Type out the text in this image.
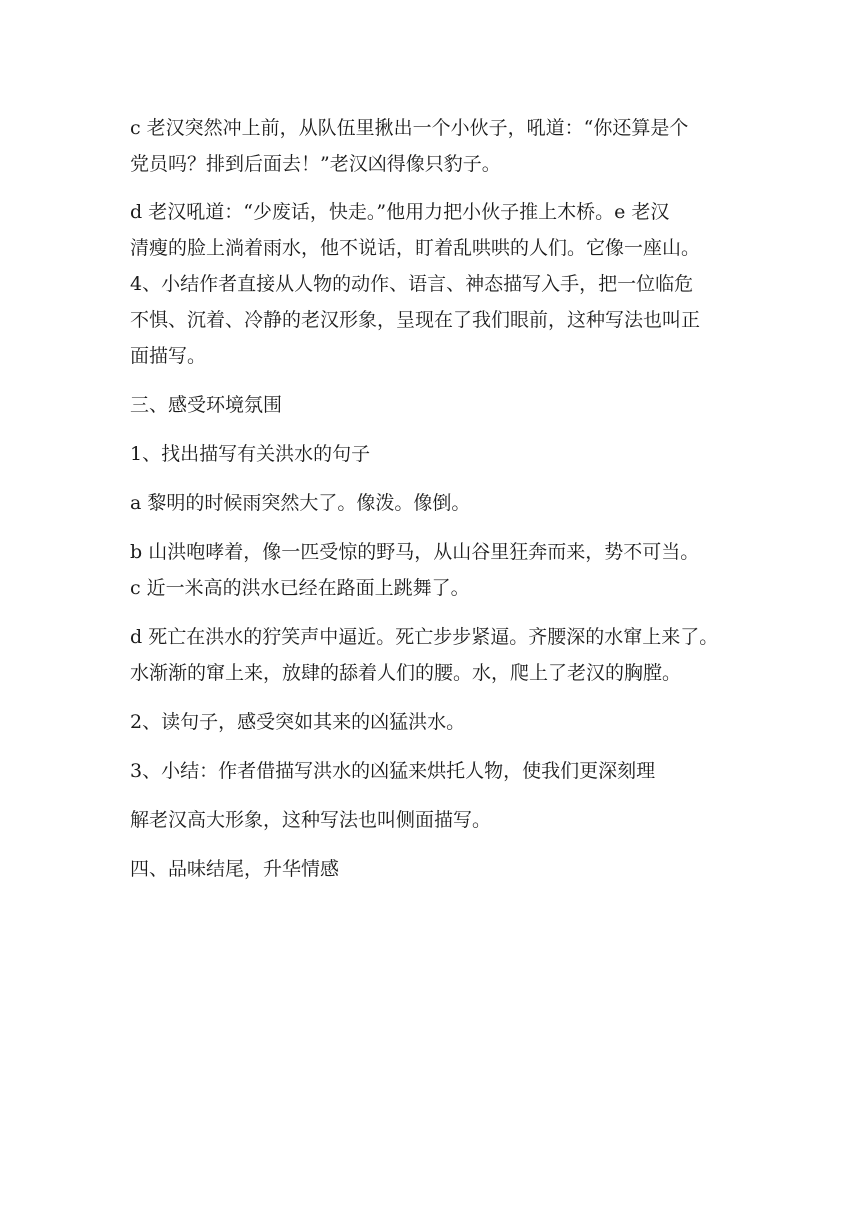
c 老汉突然冲上前，从队伍里揪出一个小伙子，吼道：“你还算是个
党员吗？排到后面去！”老汉凶得像只豹子。
d 老汉吼道：“少废话，快走。”他用力把小伙子推上木桥。e 老汉
清瘦的脸上淌着雨水，他不说话，盯着乱哄哄的人们。它像一座山。
4、小结作者直接从人物的动作、语言、神态描写入手，把一位临危
不惧、沉着、冷静的老汉形象，呈现在了我们眼前，这种写法也叫正
面描写。
三、感受环境氛围
1、找出描写有关洪水的句子
a 黎明的时候雨突然大了。像泼。像倒。
b 山洪咆哮着，像一匹受惊的野马，从山谷里狂奔而来，势不可当。
c 近一米高的洪水已经在路面上跳舞了。
d 死亡在洪水的狞笑声中逼近。死亡步步紧逼。齐腰深的水窜上来了。
水渐渐的窜上来，放肆的舔着人们的腰。水，爬上了老汉的胸膛。
2、读句子，感受突如其来的凶猛洪水。
3、小结：作者借描写洪水的凶猛来烘托人物，使我们更深刻理
解老汉高大形象，这种写法也叫侧面描写。
四、品味结尾，升华情感
